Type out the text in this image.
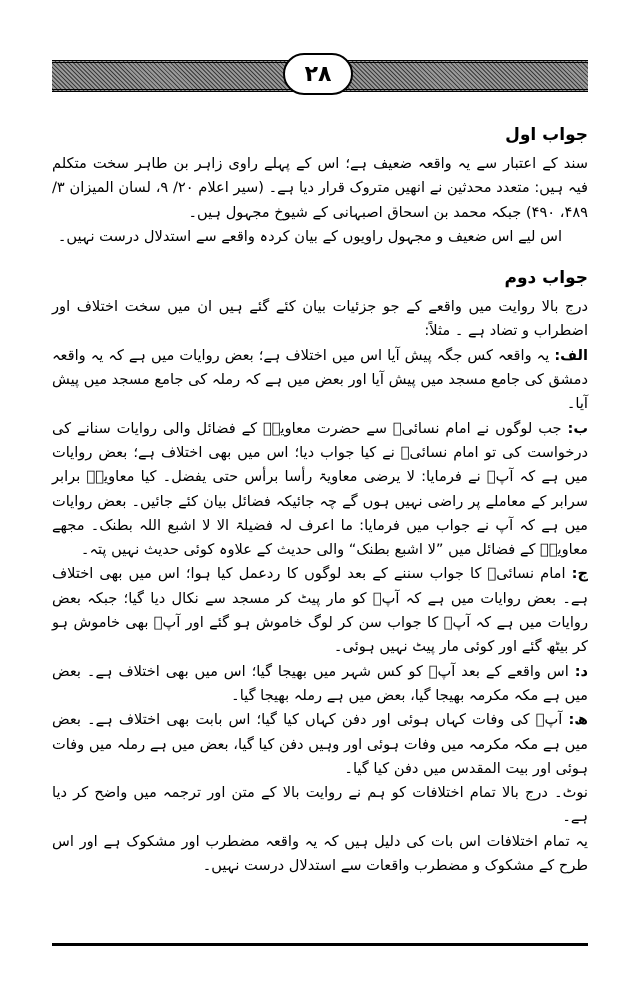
۲۸
جواب اول

سند کے اعتبار سے یہ واقعہ ضعیف ہے؛ اس کے پہلے راوی زاہر بن طاہر سخت متکلم فیہ ہیں: متعدد محدثین نے انھیں متروک قرار دیا ہے۔ (سیر اعلام ۲۰/ ۹، لسان المیزان ۳/ ۴۸۹، ۴۹۰) جبکہ محمد بن اسحاق اصبہانی کے شیوخ مجہول ہیں۔

اس لیے اس ضعیف و مجہول راویوں کے بیان کردہ واقعے سے استدلال درست نہیں۔

جواب دوم

درج بالا روایت میں واقعے کے جو جزئیات بیان کئے گئے ہیں ان میں سخت اختلاف اور اضطراب و تضاد ہے ۔ مثلاً:

الف: یہ واقعہ کس جگہ پیش آیا اس میں اختلاف ہے؛ بعض روایات میں ہے کہ یہ واقعہ دمشق کی جامع مسجد میں پیش آیا اور بعض میں ہے کہ رملہ کی جامع مسجد میں پیش آیا۔

ب: جب لوگوں نے امام نسائیؒ سے حضرت معاویہؓ کے فضائل والی روایات سنانے کی درخواست کی تو امام نسائیؒ نے کیا جواب دیا؛ اس میں بھی اختلاف ہے؛ بعض روایات میں ہے کہ آپؒ نے فرمایا: لا یرضی معاویۃ رأسا برأس حتی یفضل۔ کیا معاویہؓ برابر سرابر کے معاملے پر راضی نہیں ہوں گے چہ جائیکہ فضائل بیان کئے جائیں۔ بعض روایات میں ہے کہ آپ نے جواب میں فرمایا: ما اعرف لہ فضیلۃ الا لا اشبع اللہ بطنک۔ مجھے معاویہؓ کے فضائل میں ”لا اشبع بطنک“ والی حدیث کے علاوہ کوئی حدیث نہیں پتہ۔

ج: امام نسائیؒ کا جواب سننے کے بعد لوگوں کا ردعمل کیا ہوا؛ اس میں بھی اختلاف ہے۔ بعض روایات میں ہے کہ آپؒ کو مار پیٹ کر مسجد سے نکال دیا گیا؛ جبکہ بعض روایات میں ہے کہ آپؒ کا جواب سن کر لوگ خاموش ہو گئے اور آپؒ بھی خاموش ہو کر بیٹھ گئے اور کوئی مار پیٹ نہیں ہوئی۔

د: اس واقعے کے بعد آپؒ کو کس شہر میں بھیجا گیا؛ اس میں بھی اختلاف ہے۔ بعض میں ہے مکہ مکرمہ بھیجا گیا، بعض میں ہے رملہ بھیجا گیا۔

ھ: آپؒ کی وفات کہاں ہوئی اور دفن کہاں کیا گیا؛ اس بابت بھی اختلاف ہے۔ بعض میں ہے مکہ مکرمہ میں وفات ہوئی اور وہیں دفن کیا گیا، بعض میں ہے رملہ میں وفات ہوئی اور بیت المقدس میں دفن کیا گیا۔

نوٹ۔ درج بالا تمام اختلافات کو ہم نے روایت بالا کے متن اور ترجمہ میں واضح کر دیا ہے۔

یہ تمام اختلافات اس بات کی دلیل ہیں کہ یہ واقعہ مضطرب اور مشکوک ہے اور اس طرح کے مشکوک و مضطرب واقعات سے استدلال درست نہیں۔
